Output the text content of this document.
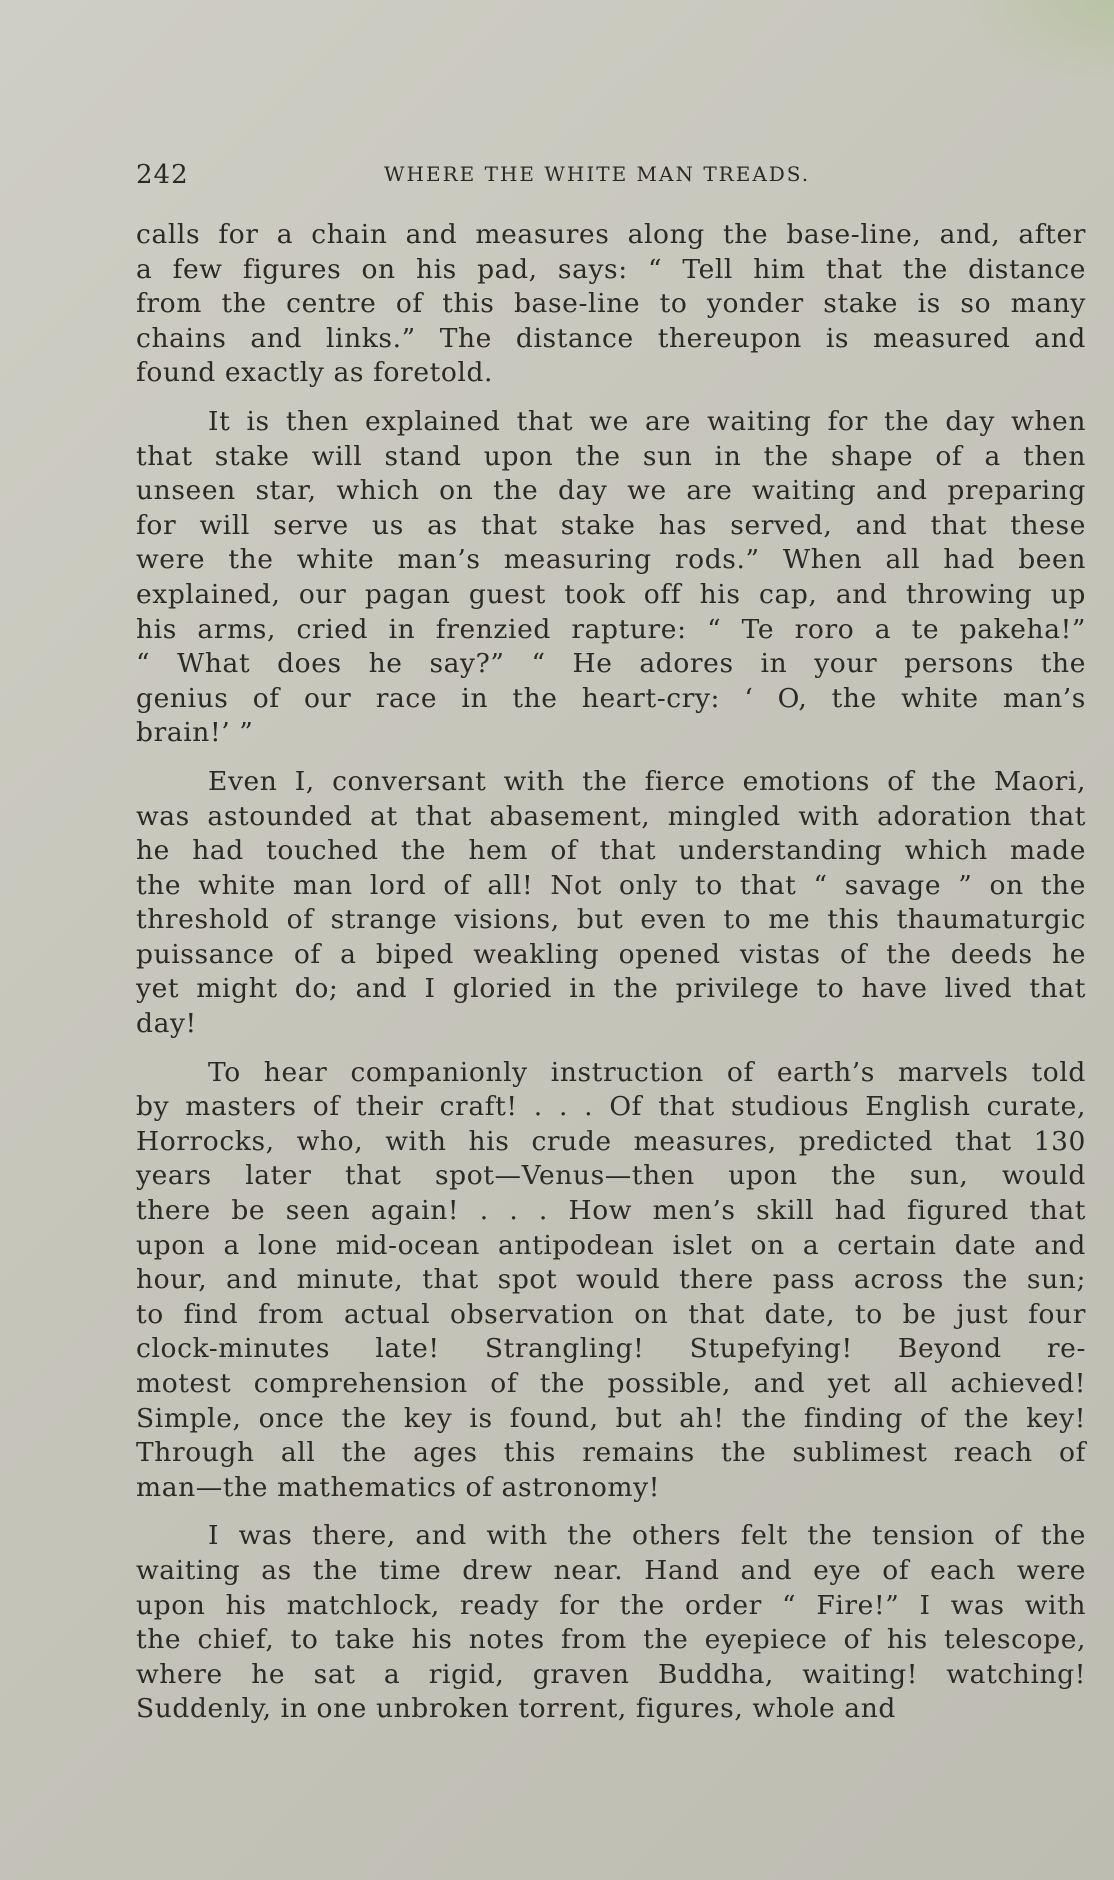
242	WHERE THE WHITE MAN TREADS.

calls for a chain and measures along the base-line, and, after
a few figures on his pad, says: “ Tell him that the distance
from the centre of this base-line to yonder stake is so many
chains and links.” The distance thereupon is measured and
found exactly as foretold.

It is then explained that we are waiting for the day when
that stake will stand upon the sun in the shape of a then
unseen star, which on the day we are waiting and preparing
for will serve us as that stake has served, and that these
were the white man’s measuring rods.” When all had been
explained, our pagan guest took off his cap, and throwing up
his arms, cried in frenzied rapture: “ Te roro a te pakeha!”
“ What does he say?” “ He adores in your persons the
genius of our race in the heart-cry: ‘ O, the white man’s
brain!’ ”

Even I, conversant with the fierce emotions of the Maori,
was astounded at that abasement, mingled with adoration that
he had touched the hem of that understanding which made
the white man lord of all! Not only to that “ savage ” on the
threshold of strange visions, but even to me this thaumaturgic
puissance of a biped weakling opened vistas of the deeds he
yet might do; and I gloried in the privilege to have lived that
day!

To hear companionly instruction of earth’s marvels told
by masters of their craft! . . . Of that studious English curate,
Horrocks, who, with his crude measures, predicted that 130
years later that spot—Venus—then upon the sun, would
there be seen again! . . . How men’s skill had figured that
upon a lone mid-ocean antipodean islet on a certain date and
hour, and minute, that spot would there pass across the sun;
to find from actual observation on that date, to be just four
clock-minutes late! Strangling! Stupefying! Beyond re-
motest comprehension of the possible, and yet all achieved!
Simple, once the key is found, but ah! the finding of the key!
Through all the ages this remains the sublimest reach of
man—the mathematics of astronomy!

I was there, and with the others felt the tension of the
waiting as the time drew near. Hand and eye of each were
upon his matchlock, ready for the order “ Fire!” I was with
the chief, to take his notes from the eyepiece of his telescope,
where he sat a rigid, graven Buddha, waiting! watching!
Suddenly, in one unbroken torrent, figures, whole and
